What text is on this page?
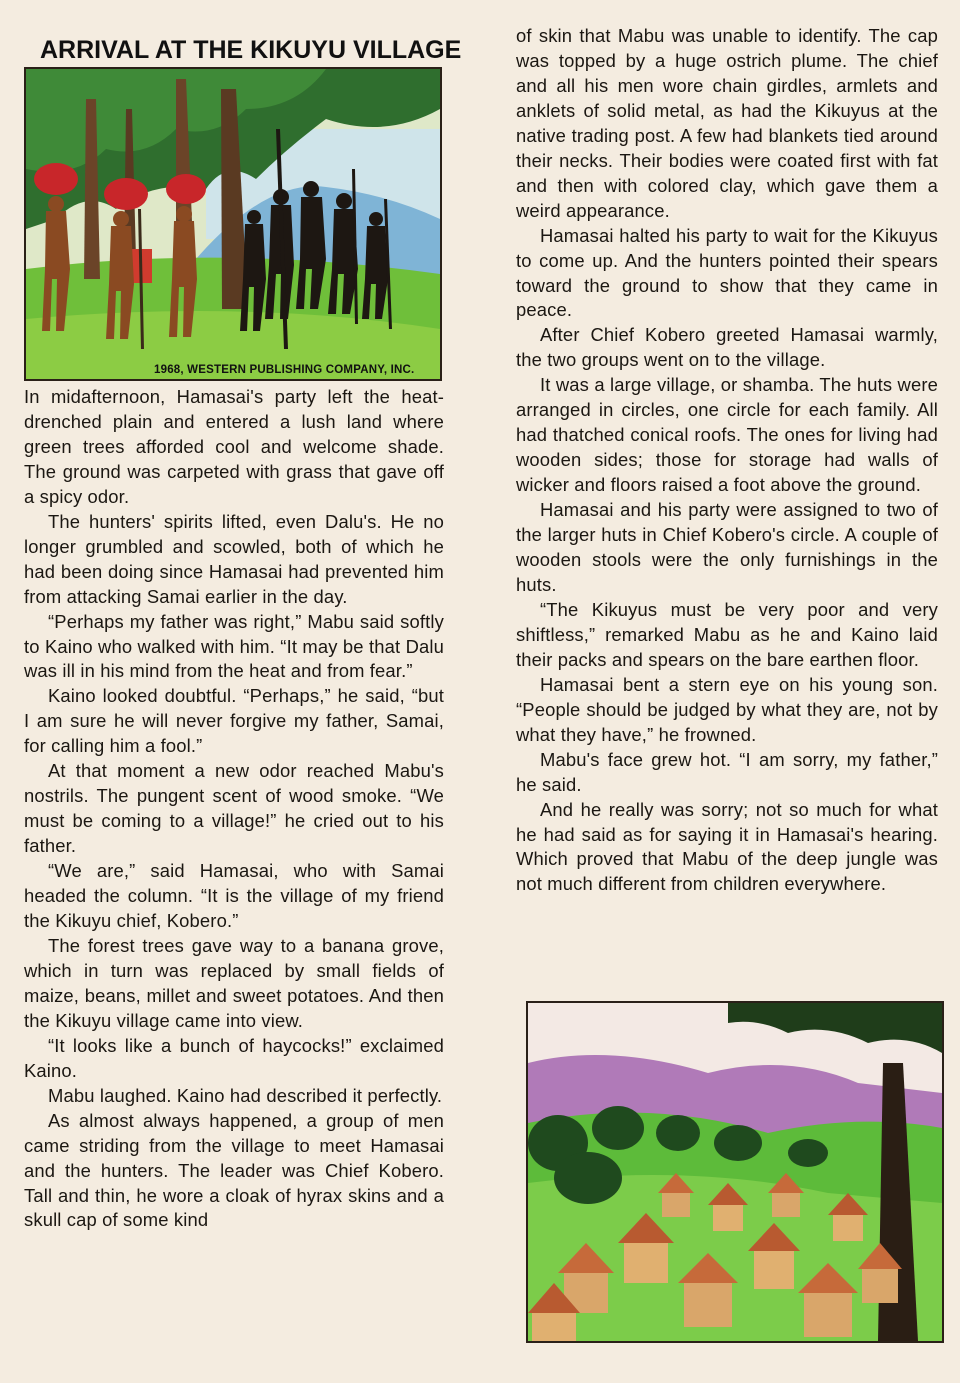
ARRIVAL AT THE KIKUYU VILLAGE
1968, WESTERN PUBLISHING COMPANY, INC.

In midafternoon, Hamasai's party left the heat-drenched plain and entered a lush land where green trees afforded cool and welcome shade. The ground was carpeted with grass that gave off a spicy odor.

The hunters' spirits lifted, even Dalu's. He no longer grumbled and scowled, both of which he had been doing since Hamasai had prevented him from attacking Samai earlier in the day.

“Perhaps my father was right,” Mabu said softly to Kaino who walked with him. “It may be that Dalu was ill in his mind from the heat and from fear.”

Kaino looked doubtful. “Perhaps,” he said, “but I am sure he will never forgive my father, Samai, for calling him a fool.”

At that moment a new odor reached Mabu's nostrils. The pungent scent of wood smoke. “We must be coming to a village!” he cried out to his father.

“We are,” said Hamasai, who with Samai headed the column. “It is the village of my friend the Kikuyu chief, Kobero.”

The forest trees gave way to a banana grove, which in turn was replaced by small fields of maize, beans, millet and sweet potatoes. And then the Kikuyu village came into view.

“It looks like a bunch of haycocks!” exclaimed Kaino.

Mabu laughed. Kaino had described it perfectly.

As almost always happened, a group of men came striding from the village to meet Hamasai and the hunters. The leader was Chief Kobero. Tall and thin, he wore a cloak of hyrax skins and a skull cap of some kind

of skin that Mabu was unable to identify. The cap was topped by a huge ostrich plume. The chief and all his men wore chain girdles, armlets and anklets of solid metal, as had the Kikuyus at the native trading post. A few had blankets tied around their necks. Their bodies were coated first with fat and then with colored clay, which gave them a weird appearance.

Hamasai halted his party to wait for the Kikuyus to come up. And the hunters pointed their spears toward the ground to show that they came in peace.

After Chief Kobero greeted Hamasai warmly, the two groups went on to the village.

It was a large village, or shamba. The huts were arranged in circles, one circle for each family. All had thatched conical roofs. The ones for living had wooden sides; those for storage had walls of wicker and floors raised a foot above the ground.

Hamasai and his party were assigned to two of the larger huts in Chief Kobero's circle. A couple of wooden stools were the only furnishings in the huts.

“The Kikuyus must be very poor and very shiftless,” remarked Mabu as he and Kaino laid their packs and spears on the bare earthen floor.

Hamasai bent a stern eye on his young son. “People should be judged by what they are, not by what they have,” he frowned.

Mabu's face grew hot. “I am sorry, my father,” he said.

And he really was sorry; not so much for what he had said as for saying it in Hamasai's hearing. Which proved that Mabu of the deep jungle was not much different from children everywhere.
